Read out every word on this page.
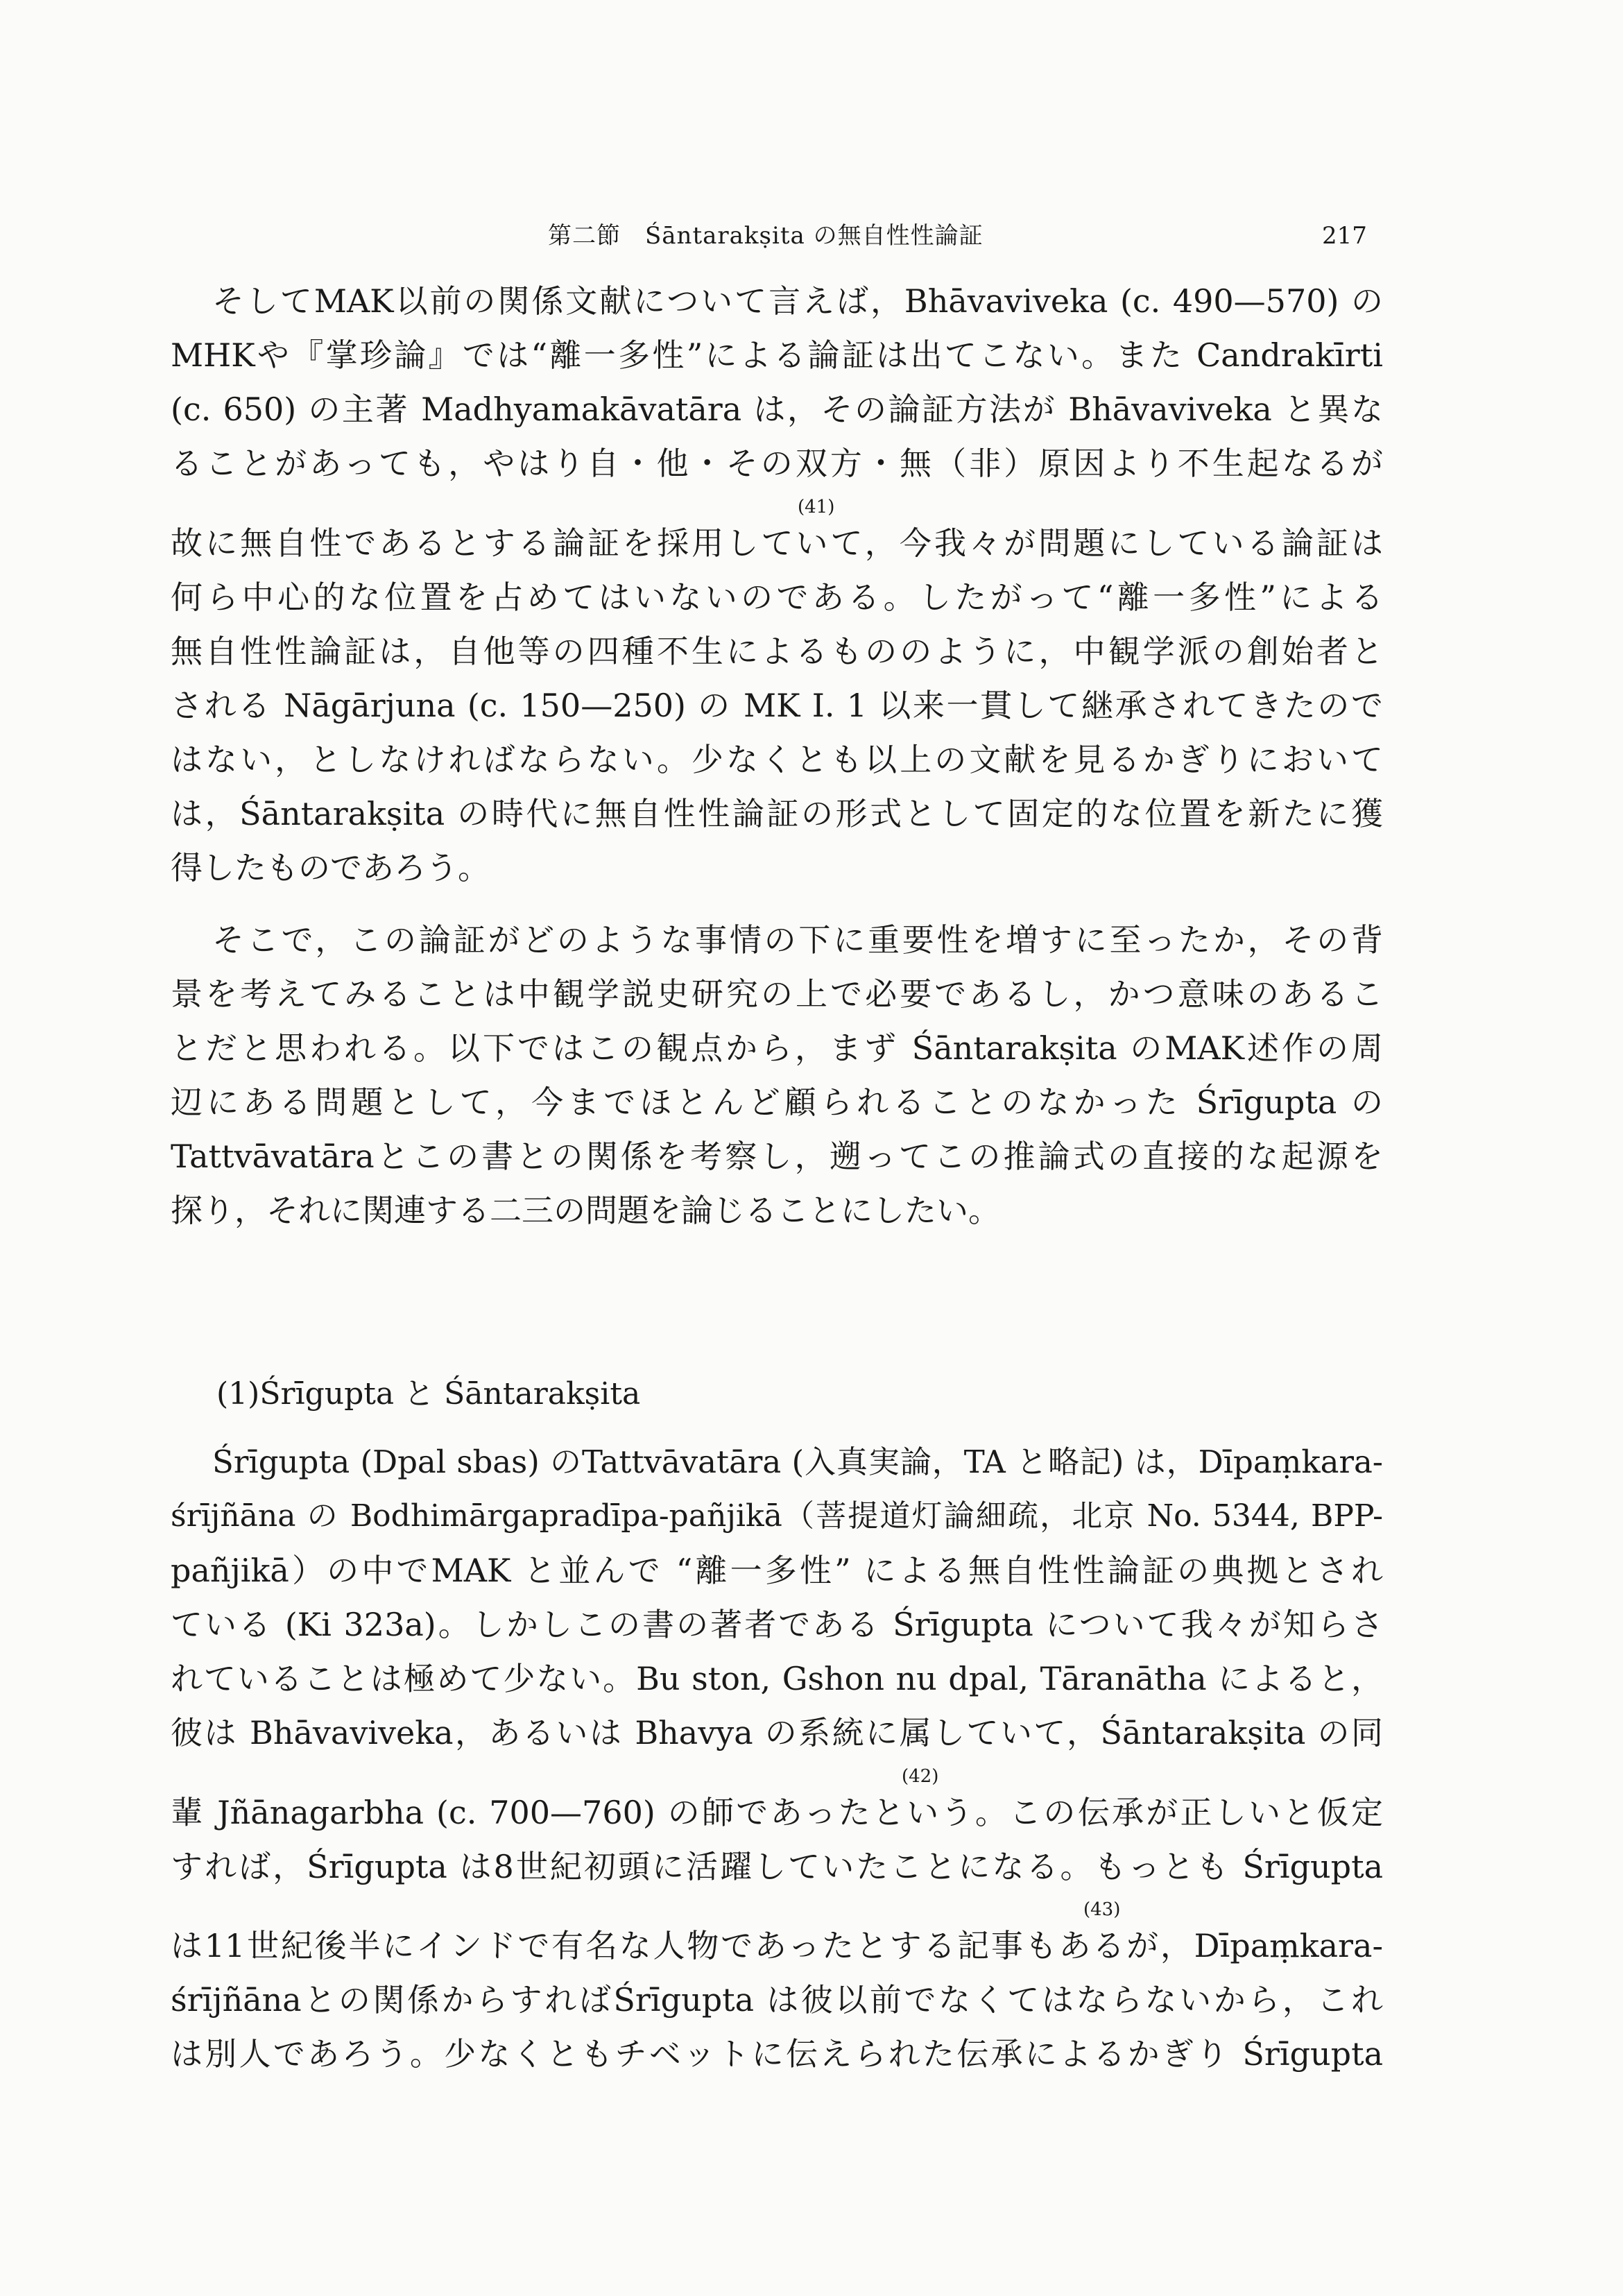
第二節　Śāntarakṣita の無自性性論証	217
そしてMAK以前の関係文献について言えば，Bhāvaviveka (c. 490—570) の
MHKや『掌珍論』では“離一多性”による論証は出てこない。また Candrakīrti
(c. 650) の主著 Madhyamakāvatāra は，その論証方法が Bhāvaviveka と異な
ることがあっても，やはり自・他・その双方・無（非）原因より不生起なるが
故に無自性であるとする論証を採用していて，今我々が問題にしている論証は
何ら中心的な位置を占めてはいないのである。したがって“離一多性”による
無自性性論証は，自他等の四種不生によるもののように，中観学派の創始者と
される Nāgārjuna (c. 150—250) の MK I. 1 以来一貫して継承されてきたので
はない，としなければならない。少なくとも以上の文献を見るかぎりにおいて
は，Śāntarakṣita の時代に無自性性論証の形式として固定的な位置を新たに獲
得したものであろう。
(41)
そこで，この論証がどのような事情の下に重要性を増すに至ったか，その背
景を考えてみることは中観学説史研究の上で必要であるし，かつ意味のあるこ
とだと思われる。以下ではこの観点から，まず Śāntarakṣita のMAK述作の周
辺にある問題として，今までほとんど顧られることのなかった Śrīgupta の
Tattvāvatāraとこの書との関係を考察し，遡ってこの推論式の直接的な起源を
探り，それに関連する二三の問題を論じることにしたい。
(1)Śrīgupta と Śāntarakṣita
Śrīgupta (Dpal sbas) のTattvāvatāra (入真実論，TA と略記) は，Dīpaṃkara-
śrījñāna の Bodhimārgapradīpa-pañjikā（菩提道灯論細疏，北京 No. 5344, BPP-
pañjikā）の中でMAK と並んで “離一多性” による無自性性論証の典拠とされ
ている (Ki 323a)。しかしこの書の著者である Śrīgupta について我々が知らさ
れていることは極めて少ない。Bu ston, Gshon nu dpal, Tāranātha によると，
彼は Bhāvaviveka，あるいは Bhavya の系統に属していて，Śāntarakṣita の同
輩 Jñānagarbha (c. 700—760) の師であったという。この伝承が正しいと仮定
すれば，Śrīgupta は8世紀初頭に活躍していたことになる。もっとも Śrīgupta
は11世紀後半にインドで有名な人物であったとする記事もあるが，Dīpaṃkara-
śrījñānaとの関係からすればŚrīgupta は彼以前でなくてはならないから，これ
は別人であろう。少なくともチベットに伝えられた伝承によるかぎり Śrīgupta
(42)
(43)
